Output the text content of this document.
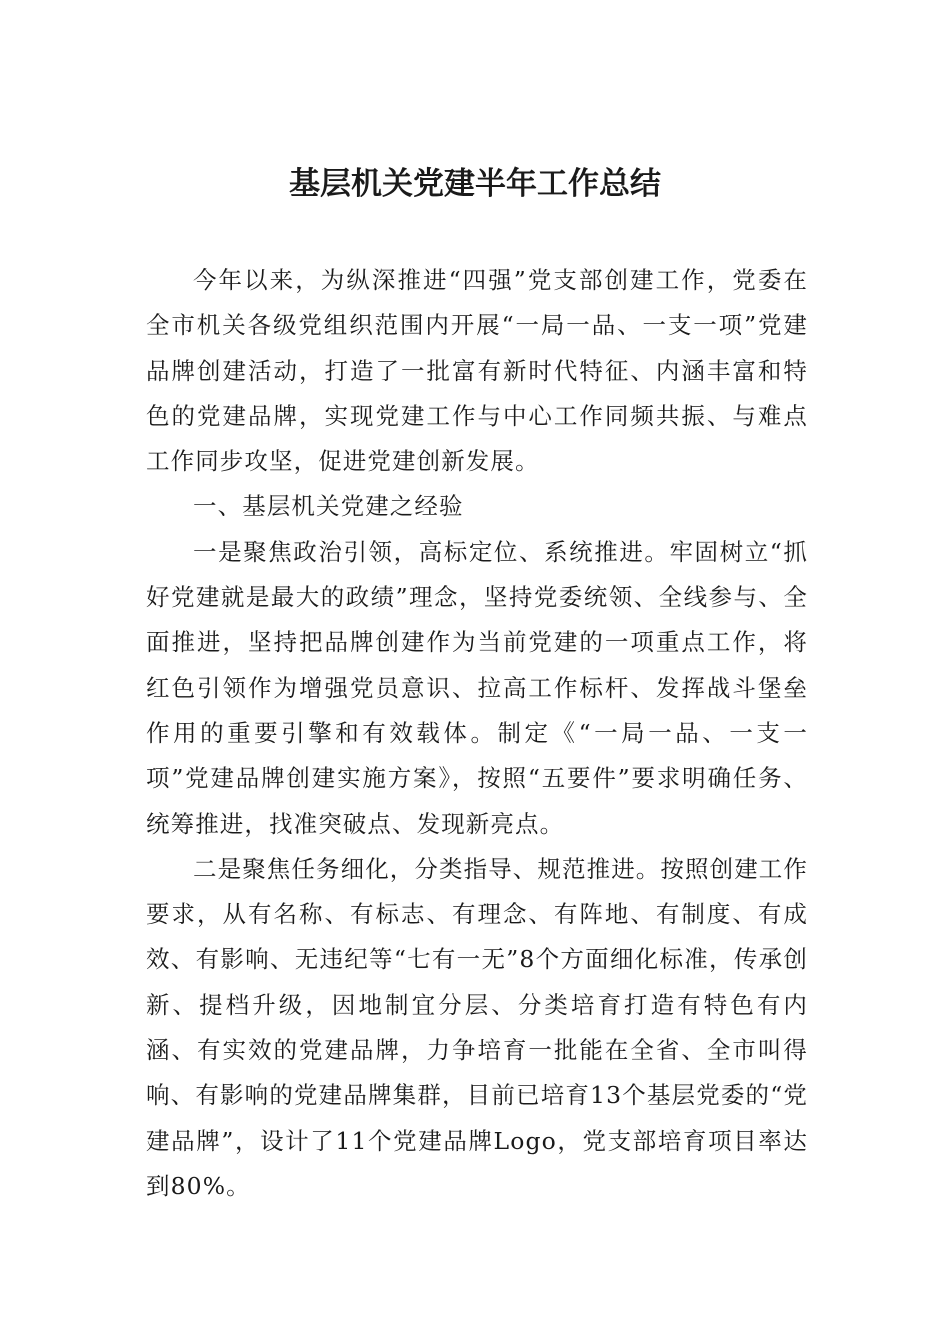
基层机关党建半年工作总结

今年以来，为纵深推进“四强”党支部创建工作，党委在全市机关各级党组织范围内开展“一局一品、一支一项”党建品牌创建活动，打造了一批富有新时代特征、内涵丰富和特色的党建品牌，实现党建工作与中心工作同频共振、与难点工作同步攻坚，促进党建创新发展。

一、基层机关党建之经验

一是聚焦政治引领，高标定位、系统推进。牢固树立“抓好党建就是最大的政绩”理念，坚持党委统领、全线参与、全面推进，坚持把品牌创建作为当前党建的一项重点工作，将红色引领作为增强党员意识、拉高工作标杆、发挥战斗堡垒作用的重要引擎和有效载体。制定《“一局一品、一支一项”党建品牌创建实施方案》，按照“五要件”要求明确任务、统筹推进，找准突破点、发现新亮点。

二是聚焦任务细化，分类指导、规范推进。按照创建工作要求，从有名称、有标志、有理念、有阵地、有制度、有成效、有影响、无违纪等“七有一无”8个方面细化标准，传承创新、提档升级，因地制宜分层、分类培育打造有特色有内涵、有实效的党建品牌，力争培育一批能在全省、全市叫得响、有影响的党建品牌集群，目前已培育13个基层党委的“党建品牌”，设计了11个党建品牌Logo，党支部培育项目率达到80%。
